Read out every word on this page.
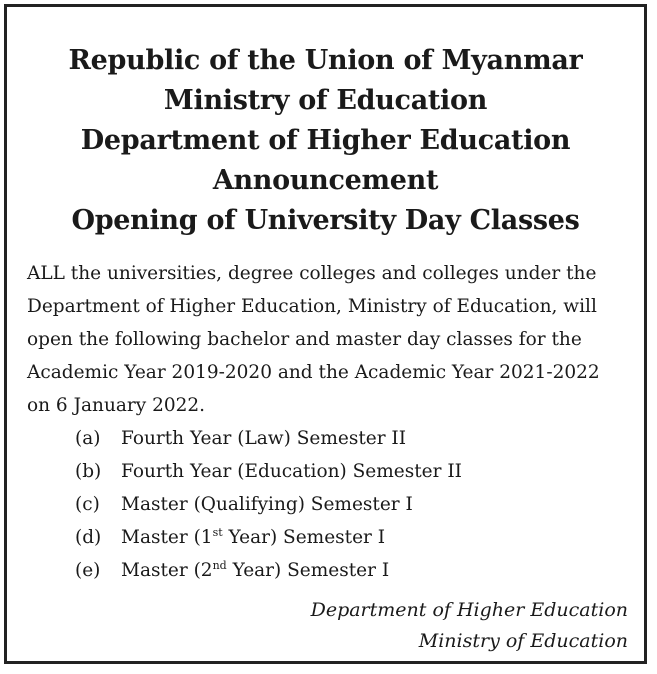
Republic of the Union of Myanmar
Ministry of Education
Department of Higher Education
Announcement
Opening of University Day Classes
ALL the universities, degree colleges and colleges under the
Department of Higher Education, Ministry of Education, will
open the following bachelor and master day classes for the
Academic Year 2019-2020 and the Academic Year 2021-2022
on 6 January 2022.
(a) Fourth Year (Law) Semester II
(b) Fourth Year (Education) Semester II
(c) Master (Qualifying) Semester I
(d) Master (1st Year) Semester I
(e) Master (2nd Year) Semester I
Department of Higher Education
Ministry of Education
